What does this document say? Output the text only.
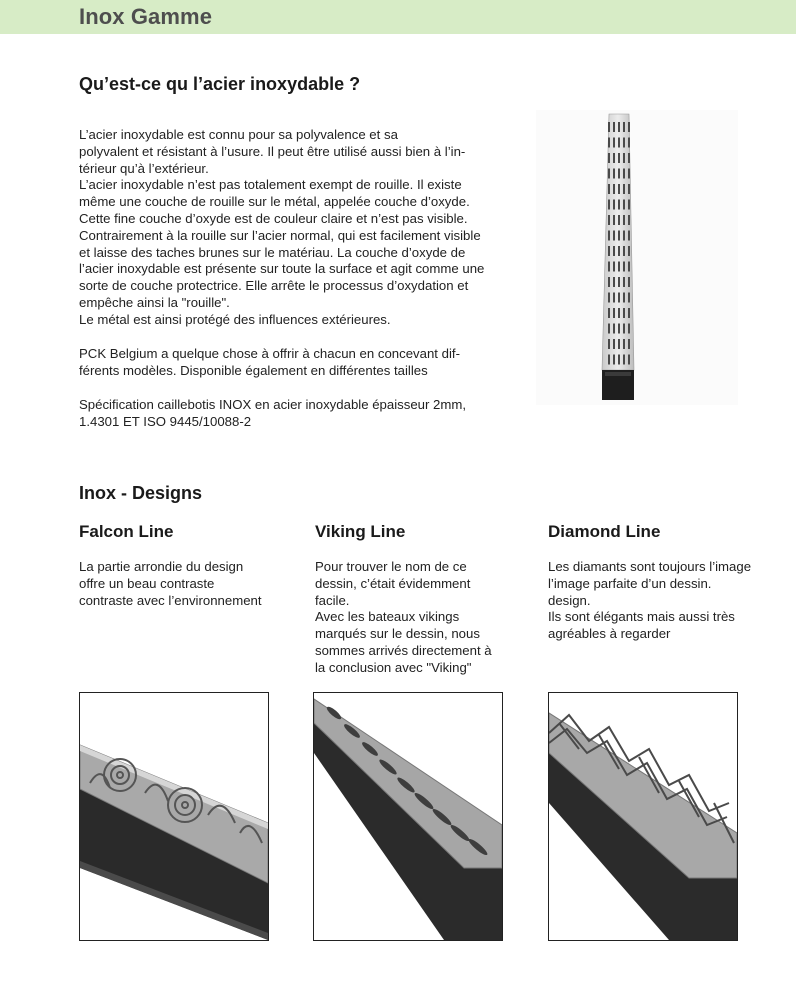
Inox Gamme
Qu’est-ce qu l’acier inoxydable ?
L’acier inoxydable est connu pour sa polyvalence et sa
polyvalent et résistant à l’usure. Il peut être utilisé aussi bien à l’in-
térieur qu’à l’extérieur.
L’acier inoxydable n’est pas totalement exempt de rouille. Il existe
même une couche de rouille sur le métal, appelée couche d’oxyde.
Cette fine couche d’oxyde est de couleur claire et n’est pas visible.
Contrairement à la rouille sur l’acier normal, qui est facilement visible
et laisse des taches brunes sur le matériau. La couche d’oxyde de
l’acier inoxydable est présente sur toute la surface et agit comme une
sorte de couche protectrice. Elle arrête le processus d’oxydation et
empêche ainsi la "rouille".
Le métal est ainsi protégé des influences extérieures.
PCK Belgium a quelque chose à offrir à chacun en concevant dif-
férents modèles. Disponible également en différentes tailles
Spécification caillebotis INOX en acier inoxydable épaisseur 2mm,
1.4301 ET ISO 9445/10088-2
Inox - Designs
Falcon Line
La partie arrondie du design
offre un beau contraste
contraste avec l’environnement
Viking Line
Pour trouver le nom de ce
dessin, c’était évidemment
facile.
Avec les bateaux vikings
marqués sur le dessin, nous
sommes arrivés directement à
la conclusion avec "Viking"
Diamond Line
Les diamants sont toujours l’image
l’image parfaite d’un dessin.
design.
Ils sont élégants mais aussi très
agréables à regarder
